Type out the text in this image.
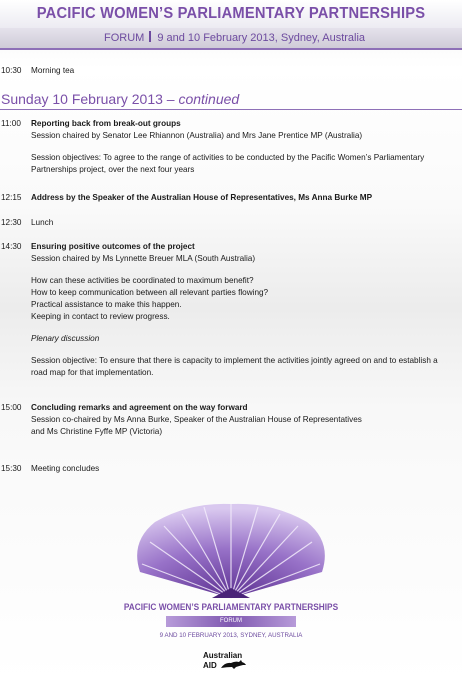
PACIFIC WOMEN’S PARLIAMENTARY PARTNERSHIPS
FORUM 9 and 10 February 2013, Sydney, Australia
10:30	Morning tea
Sunday 10 February 2013 – continued
11:00	Reporting back from break-out groups
Session chaired by Senator Lee Rhiannon (Australia) and Mrs Jane Prentice MP (Australia)
Session objectives: To agree to the range of activities to be conducted by the Pacific Women’s Parliamentary
Partnerships project, over the next four years
12:15	Address by the Speaker of the Australian House of Representatives, Ms Anna Burke MP
12:30	Lunch
14:30	Ensuring positive outcomes of the project
Session chaired by Ms Lynnette Breuer MLA (South Australia)
How can these activities be coordinated to maximum benefit?
How to keep communication between all relevant parties flowing?
Practical assistance to make this happen.
Keeping in contact to review progress.
Plenary discussion
Session objective: To ensure that there is capacity to implement the activities jointly agreed on and to establish a
road map for that implementation.
15:00	Concluding remarks and agreement on the way forward
Session co-chaired by Ms Anna Burke, Speaker of the Australian House of Representatives
and Ms Christine Fyffe MP (Victoria)
15:30	Meeting concludes
PACIFIC WOMEN’S PARLIAMENTARY PARTNERSHIPS
FORUM
9 AND 10 FEBRUARY 2013, SYDNEY, AUSTRALIA
Australian
AID
